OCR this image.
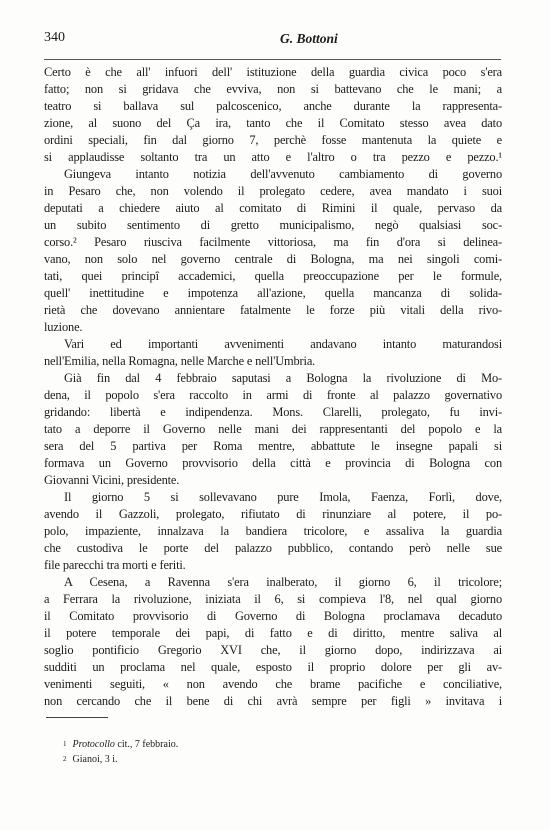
340	G. Bottoni
Certo è che all' infuori dell' istituzione della guardia civica poco s'era
fatto; non si gridava che evviva, non si battevano che le mani; a
teatro si ballava sul palcoscenico, anche durante la rappresenta-
zione, al suono del Ça ira, tanto che il Comitato stesso avea dato
ordini speciali, fin dal giorno 7, perchè fosse mantenuta la quiete e
si applaudisse soltanto tra un atto e l'altro o tra pezzo e pezzo.¹
Giungeva intanto notizia dell'avvenuto cambiamento di governo
in Pesaro che, non volendo il prolegato cedere, avea mandato i suoi
deputati a chiedere aiuto al comitato di Rimini il quale, pervaso da
un subito sentimento di gretto municipalismo, negò qualsiasi soc-
corso.² Pesaro riusciva facilmente vittoriosa, ma fin d'ora si delinea-
vano, non solo nel governo centrale di Bologna, ma nei singoli comi-
tati, quei principî accademici, quella preoccupazione per le formule,
quell' inettitudine e impotenza all'azione, quella mancanza di solida-
rietà che dovevano annientare fatalmente le forze più vitali della rivo-
luzione.
Vari ed importanti avvenimenti andavano intanto maturandosi
nell'Emilia, nella Romagna, nelle Marche e nell'Umbria.
Già fin dal 4 febbraio saputasi a Bologna la rivoluzione di Mo-
dena, il popolo s'era raccolto in armi di fronte al palazzo governativo
gridando: libertà e indipendenza. Mons. Clarelli, prolegato, fu invi-
tato a deporre il Governo nelle mani dei rappresentanti del popolo e la
sera del 5 partiva per Roma mentre, abbattute le insegne papali si
formava un Governo provvisorio della città e provincia di Bologna con
Giovanni Vicini, presidente.
Il giorno 5 si sollevavano pure Imola, Faenza, Forlì, dove,
avendo il Gazzoli, prolegato, rifiutato di rinunziare al potere, il po-
polo, impaziente, innalzava la bandiera tricolore, e assaliva la guardia
che custodiva le porte del palazzo pubblico, contando però nelle sue
file parecchi tra morti e feriti.
A Cesena, a Ravenna s'era inalberato, il giorno 6, il tricolore;
a Ferrara la rivoluzione, iniziata il 6, si compieva l'8, nel qual giorno
il Comitato provvisorio di Governo di Bologna proclamava decaduto
il potere temporale dei papi, di fatto e di diritto, mentre saliva al
soglio pontificio Gregorio XVI che, il giorno dopo, indirizzava ai
sudditi un proclama nel quale, esposto il proprio dolore per gli av-
venimenti seguiti, « non avendo che brame pacifiche e conciliative,
non cercando che il bene di chi avrà sempre per figli » invitava i
$^1$ Protocollo cit., 7 febbraio.
$^2$ Gianoi, 3 i.
